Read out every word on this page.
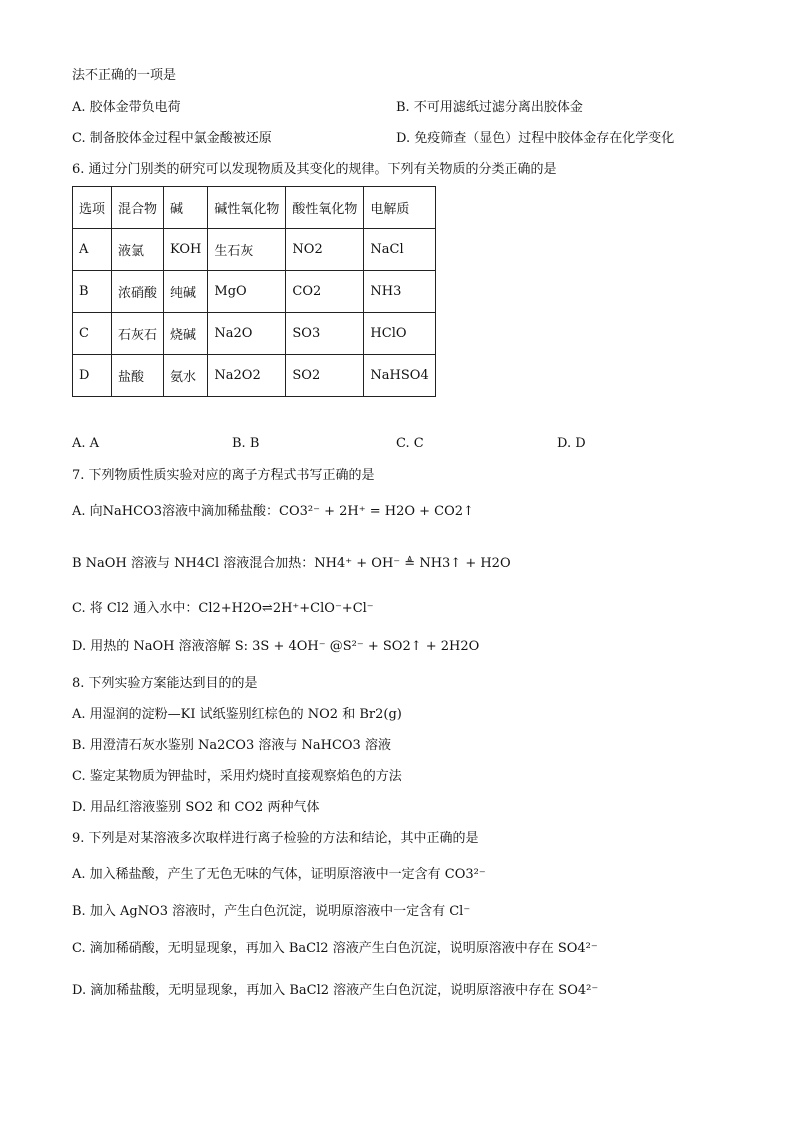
法不正确的一项是
A. 胶体金带负电荷	B. 不可用滤纸过滤分离出胶体金
C. 制备胶体金过程中氯金酸被还原	D. 免疫筛查（显色）过程中胶体金存在化学变化
6. 通过分门别类的研究可以发现物质及其变化的规律。下列有关物质的分类正确的是
选项	混合物	碱	碱性氧化物	酸性氧化物	电解质
A	液氯	KOH	生石灰	NO2	NaCl
B	浓硝酸	纯碱	MgO	CO2	NH3
C	石灰石	烧碱	Na2O	SO3	HClO
D	盐酸	氨水	Na2O2	SO2	NaHSO4
A. A	B. B	C. C	D. D
7. 下列物质性质实验对应的离子方程式书写正确的是
A. 向NaHCO3溶液中滴加稀盐酸：CO3²⁻ + 2H⁺ = H2O + CO2↑
B NaOH 溶液与 NH4Cl 溶液混合加热：NH4⁺ + OH⁻ ≜ NH3↑ + H2O
C. 将 Cl2 通入水中：Cl2+H2O⇌2H⁺+ClO⁻+Cl⁻
D. 用热的 NaOH 溶液溶解 S: 3S + 4OH⁻ @S²⁻ + SO2↑ + 2H2O
8. 下列实验方案能达到目的的是
A. 用湿润的淀粉—KI 试纸鉴别红棕色的 NO2 和 Br2(g)
B. 用澄清石灰水鉴别 Na2CO3 溶液与 NaHCO3 溶液
C. 鉴定某物质为钾盐时，采用灼烧时直接观察焰色的方法
D. 用品红溶液鉴别 SO2 和 CO2 两种气体
9. 下列是对某溶液多次取样进行离子检验的方法和结论，其中正确的是
A. 加入稀盐酸，产生了无色无味的气体，证明原溶液中一定含有 CO3²⁻
B. 加入 AgNO3 溶液时，产生白色沉淀，说明原溶液中一定含有 Cl⁻
C. 滴加稀硝酸，无明显现象，再加入 BaCl2 溶液产生白色沉淀，说明原溶液中存在 SO4²⁻
D. 滴加稀盐酸，无明显现象，再加入 BaCl2 溶液产生白色沉淀，说明原溶液中存在 SO4²⁻
